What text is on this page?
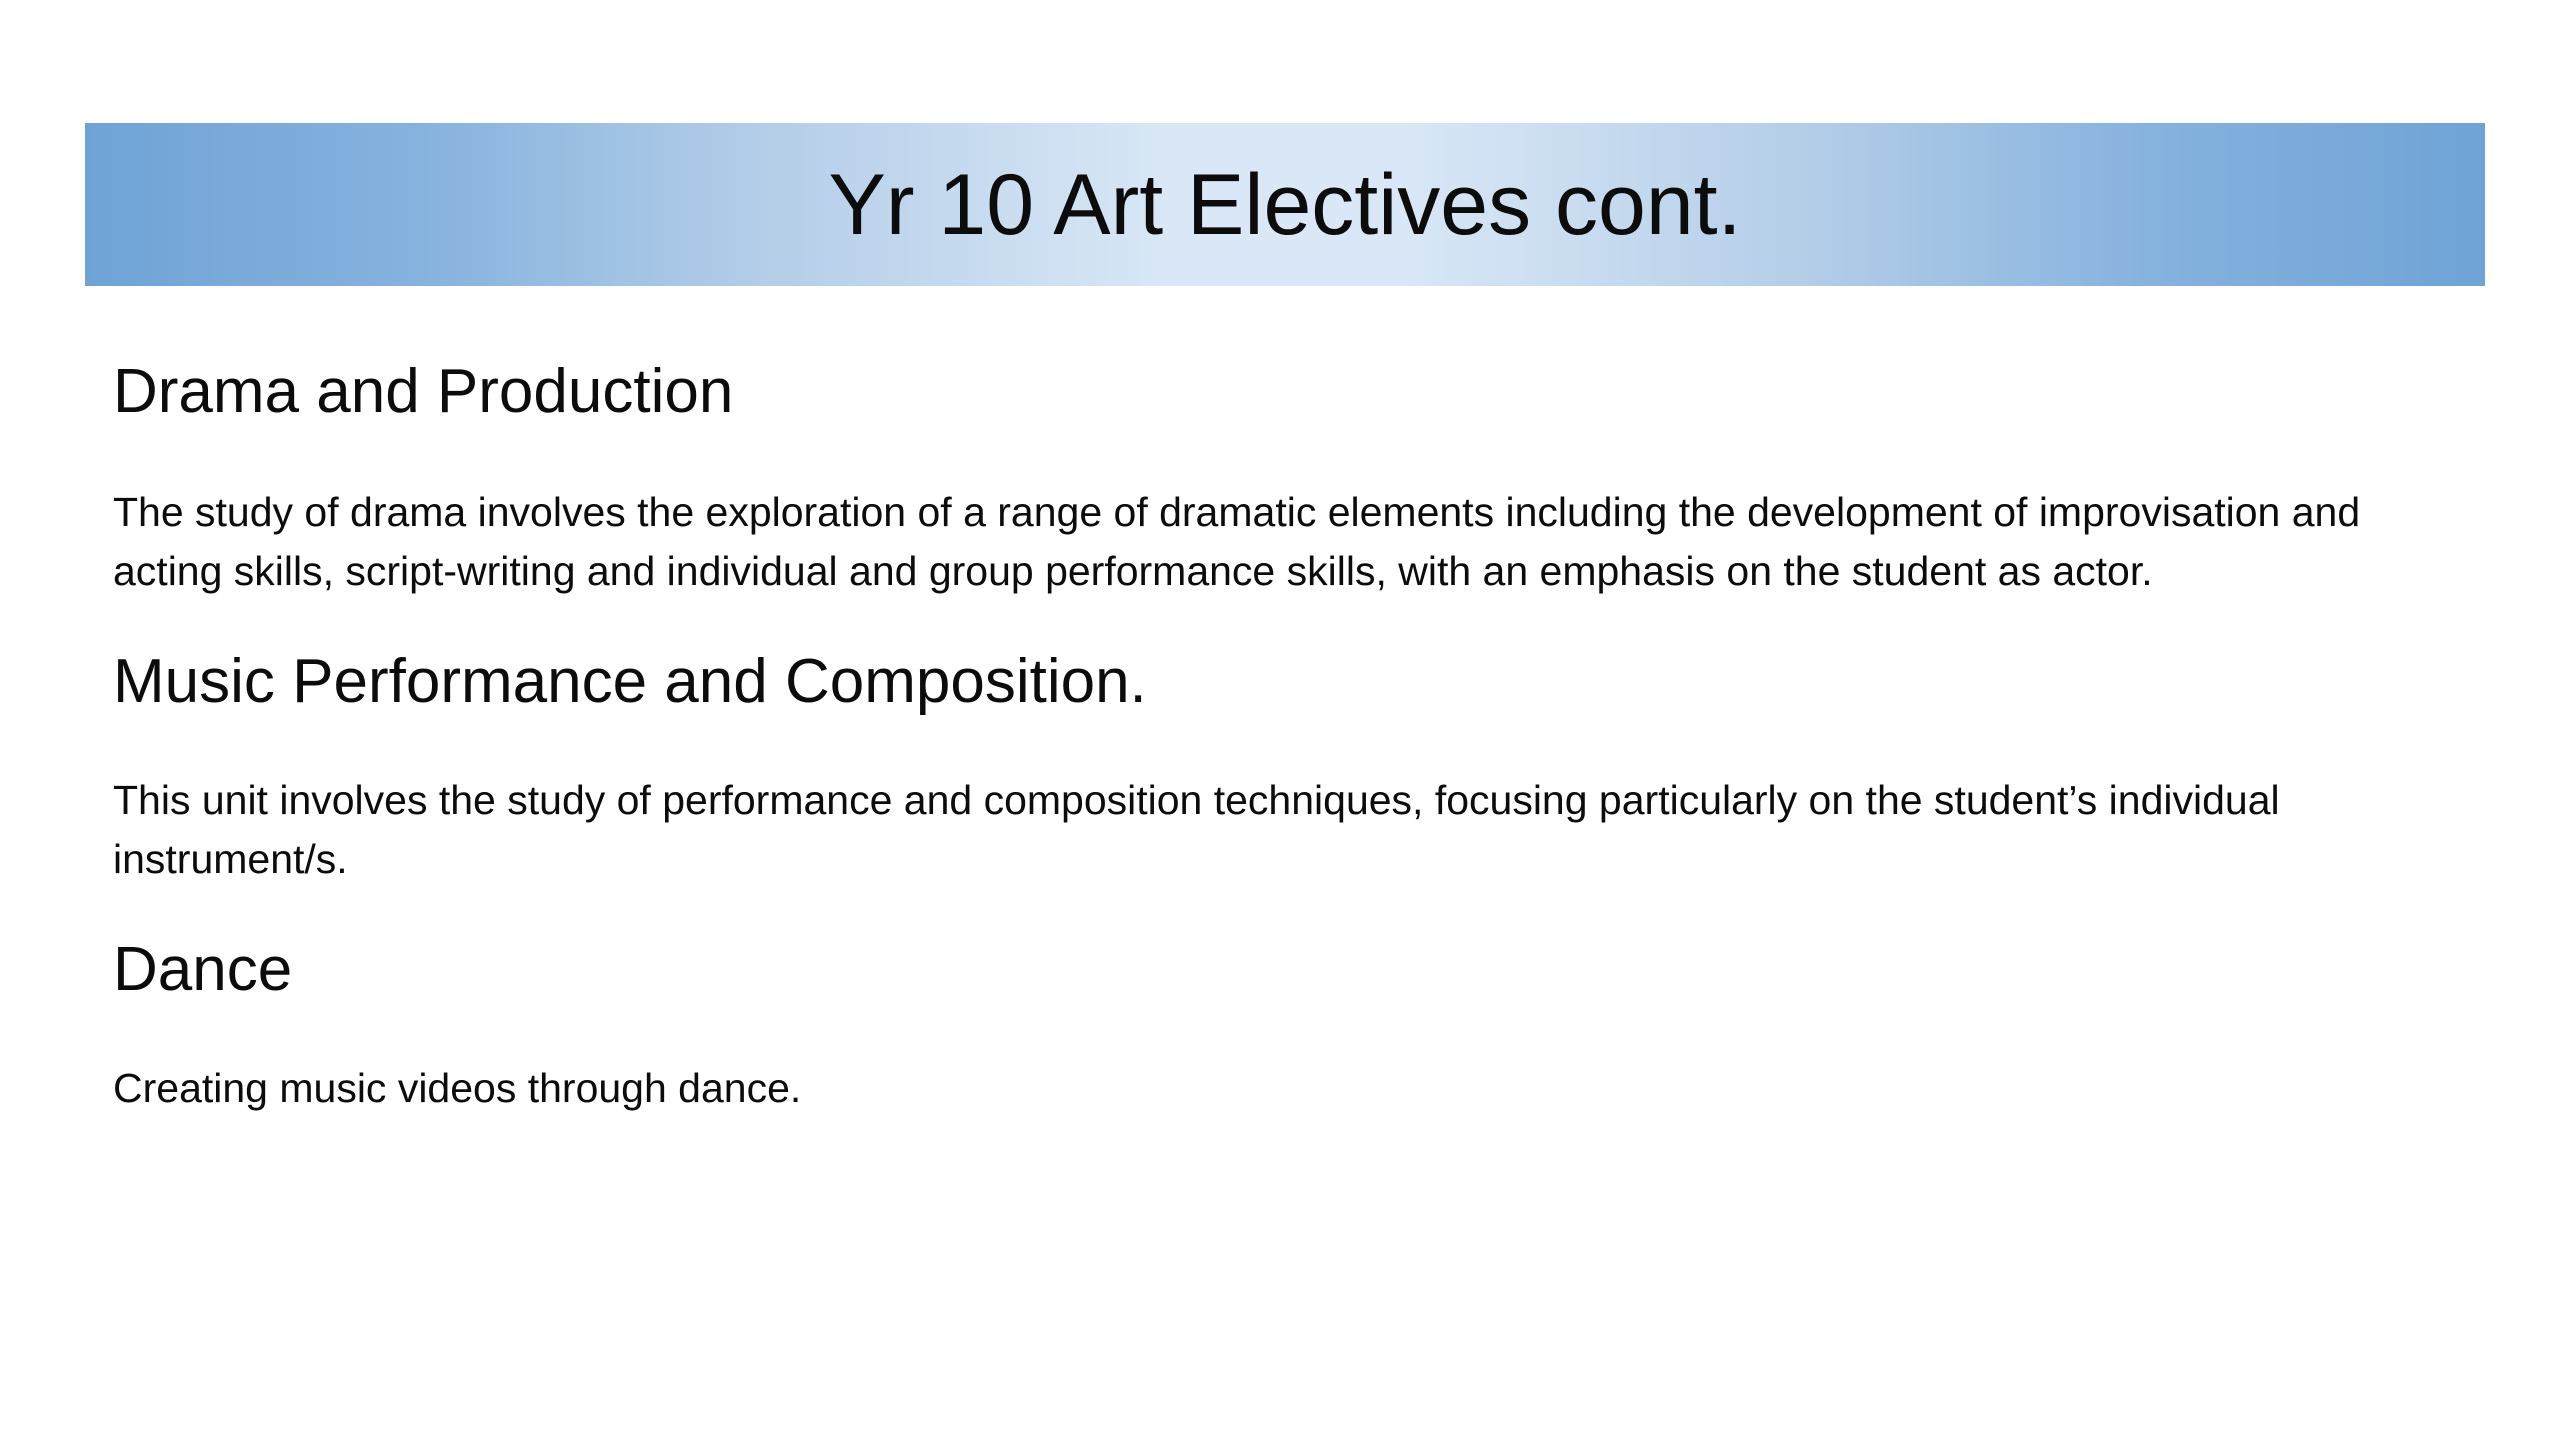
Yr 10 Art Electives cont.
Drama and Production

The study of drama involves the exploration of a range of dramatic elements including the development of improvisation and acting skills, script-writing and individual and group performance skills, with an emphasis on the student as actor.

Music Performance and Composition.

This unit involves the study of performance and composition techniques, focusing particularly on the student’s individual instrument/s.

Dance

Creating music videos through dance.
